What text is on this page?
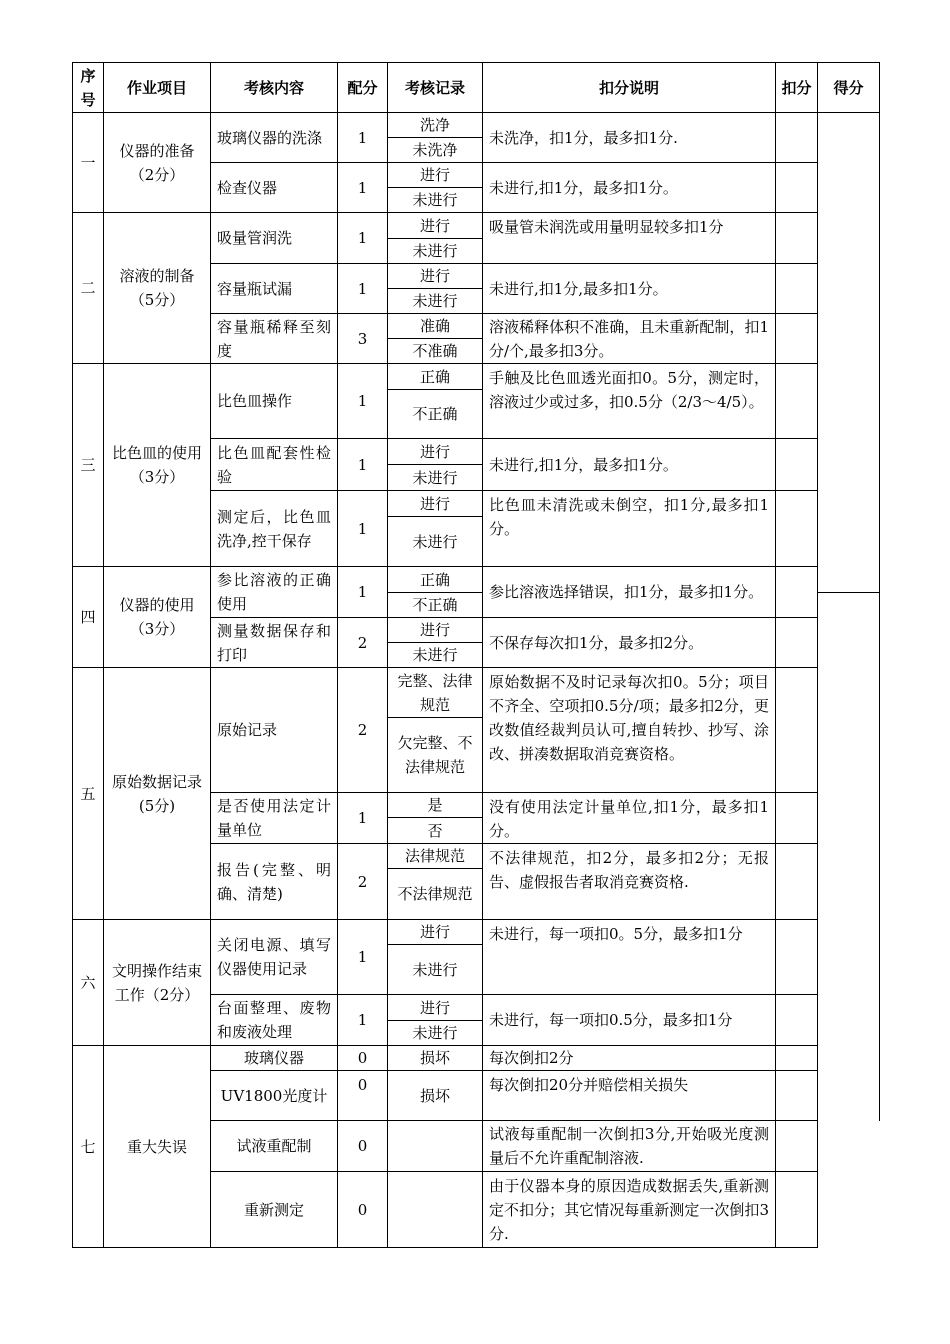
序号	作业项目	考核内容	配分	考核记录	扣分说明	扣分	得分	
一	仪器的准备（2分）	玻璃仪器的洗涤	1	洗净	未洗净，扣1分，最多扣1分.			
				未洗净				
		检查仪器	1	进行	未进行,扣1分，最多扣1分。			
				未进行				
二	溶液的制备（5分）	吸量管润洗	1	进行	吸量管未润洗或用量明显较多扣1分			
				未进行				
		容量瓶试漏	1	进行	未进行,扣1分,最多扣1分。			
				未进行				
		容量瓶稀释至刻度	3	准确	溶液稀释体积不准确，且未重新配制，扣1分/个,最多扣3分。			
				不准确				
三	比色皿的使用（3分）	比色皿操作	1	正确	手触及比色皿透光面扣0。5分，测定时，溶液过少或过多，扣0.5分（2/3～4/5）。			
				不正确				
		比色皿配套性检验	1	进行	未进行,扣1分，最多扣1分。			
				未进行				
		测定后，比色皿洗净,控干保存	1	进行	比色皿未清洗或未倒空，扣1分,最多扣1分。			
				未进行				
四	仪器的使用（3分）	参比溶液的正确使用	1	正确	参比溶液选择错误，扣1分，最多扣1分。			
				不正确				
		测量数据保存和打印	2	进行	不保存每次扣1分，最多扣2分。			
				未进行				
五	原始数据记录(5分)	原始记录	2	完整、法律规范	原始数据不及时记录每次扣0。5分；项目不齐全、空项扣0.5分/项；最多扣2分，更改数值经裁判员认可,擅自转抄、抄写、涂改、拼凑数据取消竞赛资格。			
				欠完整、不法律规范				
		是否使用法定计量单位	1	是	没有使用法定计量单位,扣1分，最多扣1分。			
				否				
		报告(完整、明确、清楚)	2	法律规范	不法律规范，扣2分，最多扣2分；无报告、虚假报告者取消竞赛资格.			
				不法律规范				
六	文明操作结束工作（2分）	关闭电源、填写仪器使用记录	1	进行	未进行，每一项扣0。5分，最多扣1分			
				未进行				
		台面整理、废物和废液处理	1	进行	未进行，每一项扣0.5分，最多扣1分			
				未进行				
七	重大失误	玻璃仪器	0	损坏	每次倒扣2分			
		UV1800光度计	0	损坏	每次倒扣20分并赔偿相关损失			
		试液重配制	0		试液每重配制一次倒扣3分,开始吸光度测量后不允许重配制溶液.			
		重新测定	0		由于仪器本身的原因造成数据丢失,重新测定不扣分；其它情况每重新测定一次倒扣3分.			
